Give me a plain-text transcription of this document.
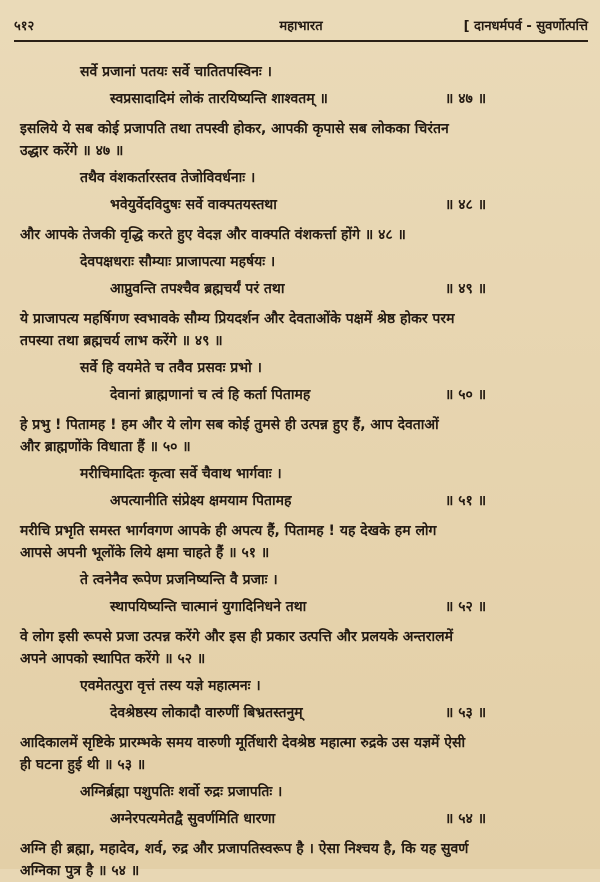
५१२	महाभारत	[ दानधर्मपर्व - सुवर्णोत्पत्ति
सर्वे प्रजानां पतयः सर्वे चातितपस्विनः ।
स्वप्रसादादिमं लोकं तारयिष्यन्ति शाश्वतम् ॥	॥ ४७ ॥
इसलिये ये सब कोई प्रजापति तथा तपस्वी होकर, आपकी कृपासे सब लोकका चिरंतन
उद्धार करेंगे ॥ ४७ ॥
तथैव वंशकर्तारस्तव तेजोविवर्धनाः ।
भवेयुर्वेदविदुषः सर्वे वाक्पतयस्तथा	॥ ४८ ॥
और आपके तेजकी वृद्धि करते हुए वेदज्ञ और वाक्पति वंशकर्त्ता होंगे ॥ ४८ ॥
देवपक्षधराः सौम्याः प्राजापत्या महर्षयः ।
आप्नुवन्ति तपश्चैव ब्रह्मचर्यं परं तथा	॥ ४९ ॥
ये प्राजापत्य महर्षिगण स्वभावके सौम्य प्रियदर्शन और देवताओंके पक्षमें श्रेष्ठ होकर परम
तपस्या तथा ब्रह्मचर्य लाभ करेंगे ॥ ४९ ॥
सर्वे हि वयमेते च तवैव प्रसवः प्रभो ।
देवानां ब्राह्मणानां च त्वं हि कर्ता पितामह	॥ ५० ॥
हे प्रभु ! पितामह ! हम और ये लोग सब कोई तुमसे ही उत्पन्न हुए हैं, आप देवताओं
और ब्राह्मणोंके विधाता हैं ॥ ५० ॥
मरीचिमादितः कृत्वा सर्वे चैवाथ भार्गवाः ।
अपत्यानीति संप्रेक्ष्य क्षमयाम पितामह	॥ ५१ ॥
मरीचि प्रभृति समस्त भार्गवगण आपके ही अपत्य हैं, पितामह ! यह देखके हम लोग
आपसे अपनी भूलोंके लिये क्षमा चाहते हैं ॥ ५१ ॥
ते त्वनेनैव रूपेण प्रजनिष्यन्ति वै प्रजाः ।
स्थापयिष्यन्ति चात्मानं युगादिनिधने तथा	॥ ५२ ॥
वे लोग इसी रूपसे प्रजा उत्पन्न करेंगे और इस ही प्रकार उत्पत्ति और प्रलयके अन्तरालमें
अपने आपको स्थापित करेंगे ॥ ५२ ॥
एवमेतत्पुरा वृत्तं तस्य यज्ञे महात्मनः ।
देवश्रेष्ठस्य लोकादौ वारुणीं बिभ्रतस्तनुम्	॥ ५३ ॥
आदिकालमें सृष्टिके प्रारम्भके समय वारुणी मूर्तिधारी देवश्रेष्ठ महात्मा रुद्रके उस यज्ञमें ऐसी
ही घटना हुई थी ॥ ५३ ॥
अग्निर्ब्रह्मा पशुपतिः शर्वो रुद्रः प्रजापतिः ।
अग्नेरपत्यमेतद्वै सुवर्णमिति धारणा	॥ ५४ ॥
अग्नि ही ब्रह्मा, महादेव, शर्व, रुद्र और प्रजापतिस्वरूप है । ऐसा निश्चय है, कि यह सुवर्ण
अग्निका पुत्र है ॥ ५४ ॥
